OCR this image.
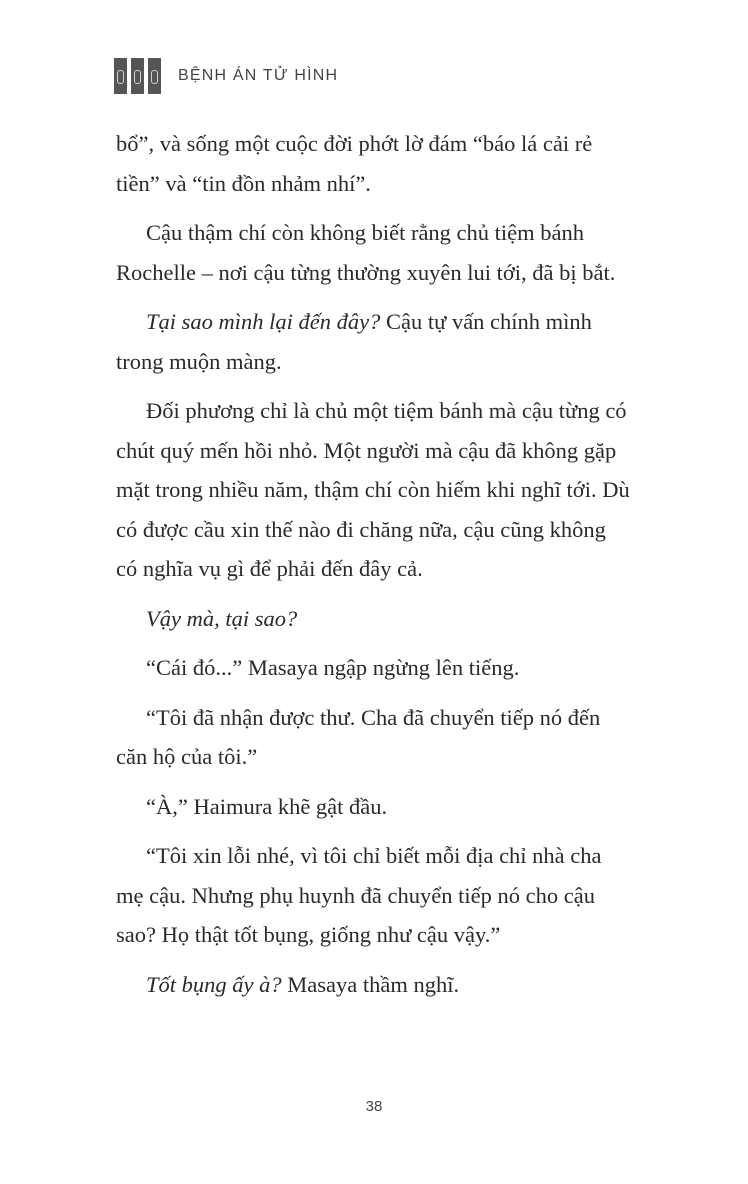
BỆNH ÁN TỬ HÌNH

bổ”, và sống một cuộc đời phớt lờ đám “báo lá cải rẻ tiền” và “tin đồn nhảm nhí”.

Cậu thậm chí còn không biết rằng chủ tiệm bánh Rochelle – nơi cậu từng thường xuyên lui tới, đã bị bắt.

Tại sao mình lại đến đây? Cậu tự vấn chính mình trong muộn màng.

Đối phương chỉ là chủ một tiệm bánh mà cậu từng có chút quý mến hồi nhỏ. Một người mà cậu đã không gặp mặt trong nhiều năm, thậm chí còn hiếm khi nghĩ tới. Dù có được cầu xin thế nào đi chăng nữa, cậu cũng không có nghĩa vụ gì để phải đến đây cả.

Vậy mà, tại sao?

“Cái đó...” Masaya ngập ngừng lên tiếng.

“Tôi đã nhận được thư. Cha đã chuyển tiếp nó đến căn hộ của tôi.”

“À,” Haimura khẽ gật đầu.

“Tôi xin lỗi nhé, vì tôi chỉ biết mỗi địa chỉ nhà cha mẹ cậu. Nhưng phụ huynh đã chuyển tiếp nó cho cậu sao? Họ thật tốt bụng, giống như cậu vậy.”

Tốt bụng ấy à? Masaya thầm nghĩ.

38
